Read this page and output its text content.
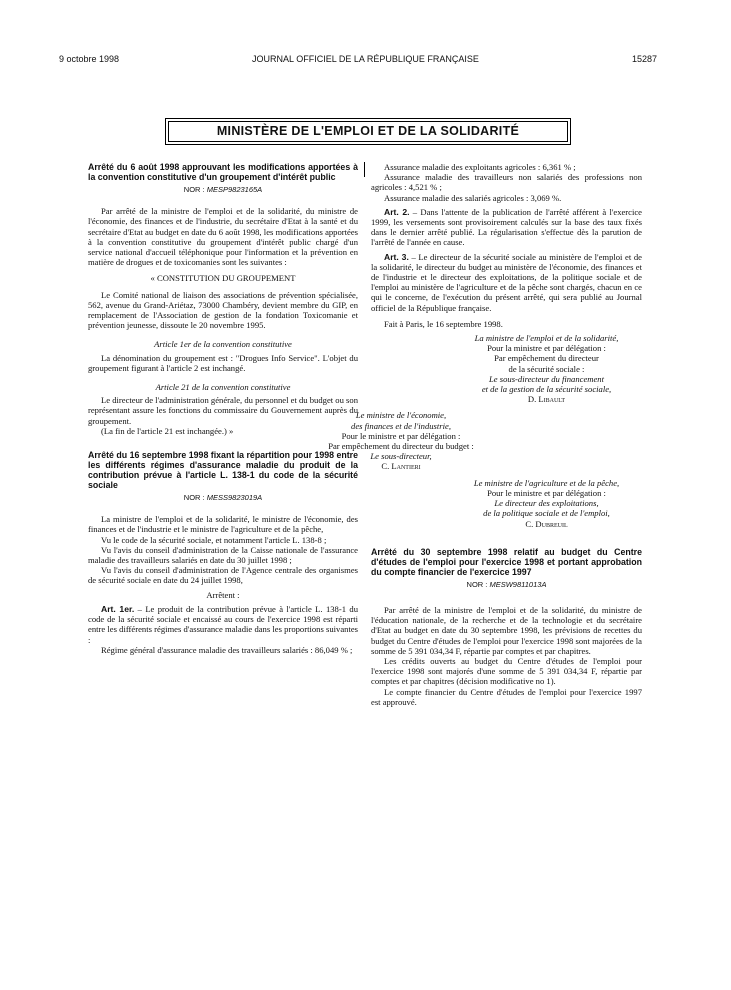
9 octobre 1998	JOURNAL OFFICIEL DE LA RÉPUBLIQUE FRANÇAISE	15287
MINISTÈRE DE L'EMPLOI ET DE LA SOLIDARITÉ

Arrêté du 6 août 1998 approuvant les modifications apportées à la convention constitutive d'un groupement d'intérêt public

NOR : MESP9823165A

Par arrêté de la ministre de l'emploi et de la solidarité, du ministre de l'économie, des finances et de l'industrie, du secrétaire d'Etat à la santé et du secrétaire d'Etat au budget en date du 6 août 1998, les modifications apportées à la convention constitutive du groupement d'intérêt public chargé d'un service national d'accueil téléphonique pour l'information et la prévention en matière de drogues et de toxicomanies sont les suivantes :

« CONSTITUTION DU GROUPEMENT

Le Comité national de liaison des associations de prévention spécialisée, 562, avenue du Grand-Ariétaz, 73000 Chambéry, devient membre du GIP, en remplacement de l'Association de gestion de la fondation Toxicomanie et prévention jeunesse, dissoute le 20 novembre 1995.

Article 1er de la convention constitutive

La dénomination du groupement est : "Drogues Info Service". L'objet du groupement figurant à l'article 2 est inchangé.

Article 21 de la convention constitutive

Le directeur de l'administration générale, du personnel et du budget ou son représentant assure les fonctions du commissaire du Gouvernement auprès du groupement.

(La fin de l'article 21 est inchangée.) »

Arrêté du 16 septembre 1998 fixant la répartition pour 1998 entre les différents régimes d'assurance maladie du produit de la contribution prévue à l'article L. 138-1 du code de la sécurité sociale

NOR : MESS9823019A

La ministre de l'emploi et de la solidarité, le ministre de l'économie, des finances et de l'industrie et le ministre de l'agriculture et de la pêche,

Vu le code de la sécurité sociale, et notamment l'article L. 138-8 ;

Vu l'avis du conseil d'administration de la Caisse nationale de l'assurance maladie des travailleurs salariés en date du 30 juillet 1998 ;

Vu l'avis du conseil d'administration de l'Agence centrale des organismes de sécurité sociale en date du 24 juillet 1998,

Arrêtent :

Art. 1er. – Le produit de la contribution prévue à l'article L. 138-1 du code de la sécurité sociale et encaissé au cours de l'exercice 1998 est réparti entre les différents régimes d'assurance maladie dans les proportions suivantes :

Régime général d'assurance maladie des travailleurs salariés : 86,049 % ;

Assurance maladie des exploitants agricoles : 6,361 % ;

Assurance maladie des travailleurs non salariés des professions non agricoles : 4,521 % ;

Assurance maladie des salariés agricoles : 3,069 %.

Art. 2. – Dans l'attente de la publication de l'arrêté afférent à l'exercice 1999, les versements sont provisoirement calculés sur la base des taux fixés dans le dernier arrêté publié. La régularisation s'effectue dès la parution de l'arrêté de l'année en cause.

Art. 3. – Le directeur de la sécurité sociale au ministère de l'emploi et de la solidarité, le directeur du budget au ministère de l'économie, des finances et de l'industrie et le directeur des exploitations, de la politique sociale et de l'emploi au ministère de l'agriculture et de la pêche sont chargés, chacun en ce qui le concerne, de l'exécution du présent arrêté, qui sera publié au Journal officiel de la République française.

Fait à Paris, le 16 septembre 1998.

La ministre de l'emploi et de la solidarité,
Pour la ministre et par délégation :
Par empêchement du directeur
de la sécurité sociale :
Le sous-directeur du financement
et de la gestion de la sécurité sociale,
D. Libault
Le ministre de l'économie,
des finances et de l'industrie,
Pour le ministre et par délégation :
Par empêchement du directeur du budget :
Le sous-directeur,
C. Lantieri
Le ministre de l'agriculture et de la pêche,
Pour le ministre et par délégation :
Le directeur des exploitations,
de la politique sociale et de l'emploi,
C. Dubreuil

Arrêté du 30 septembre 1998 relatif au budget du Centre d'études de l'emploi pour l'exercice 1998 et portant approbation du compte financier de l'exercice 1997

NOR : MESW9811013A

Par arrêté de la ministre de l'emploi et de la solidarité, du ministre de l'éducation nationale, de la recherche et de la technologie et du secrétaire d'Etat au budget en date du 30 septembre 1998, les prévisions de recettes du budget du Centre d'études de l'emploi pour l'exercice 1998 sont majorées de la somme de 5 391 034,34 F, répartie par comptes et par chapitres.

Les crédits ouverts au budget du Centre d'études de l'emploi pour l'exercice 1998 sont majorés d'une somme de 5 391 034,34 F, répartie par comptes et par chapitres (décision modificative no 1).

Le compte financier du Centre d'études de l'emploi pour l'exercice 1997 est approuvé.
